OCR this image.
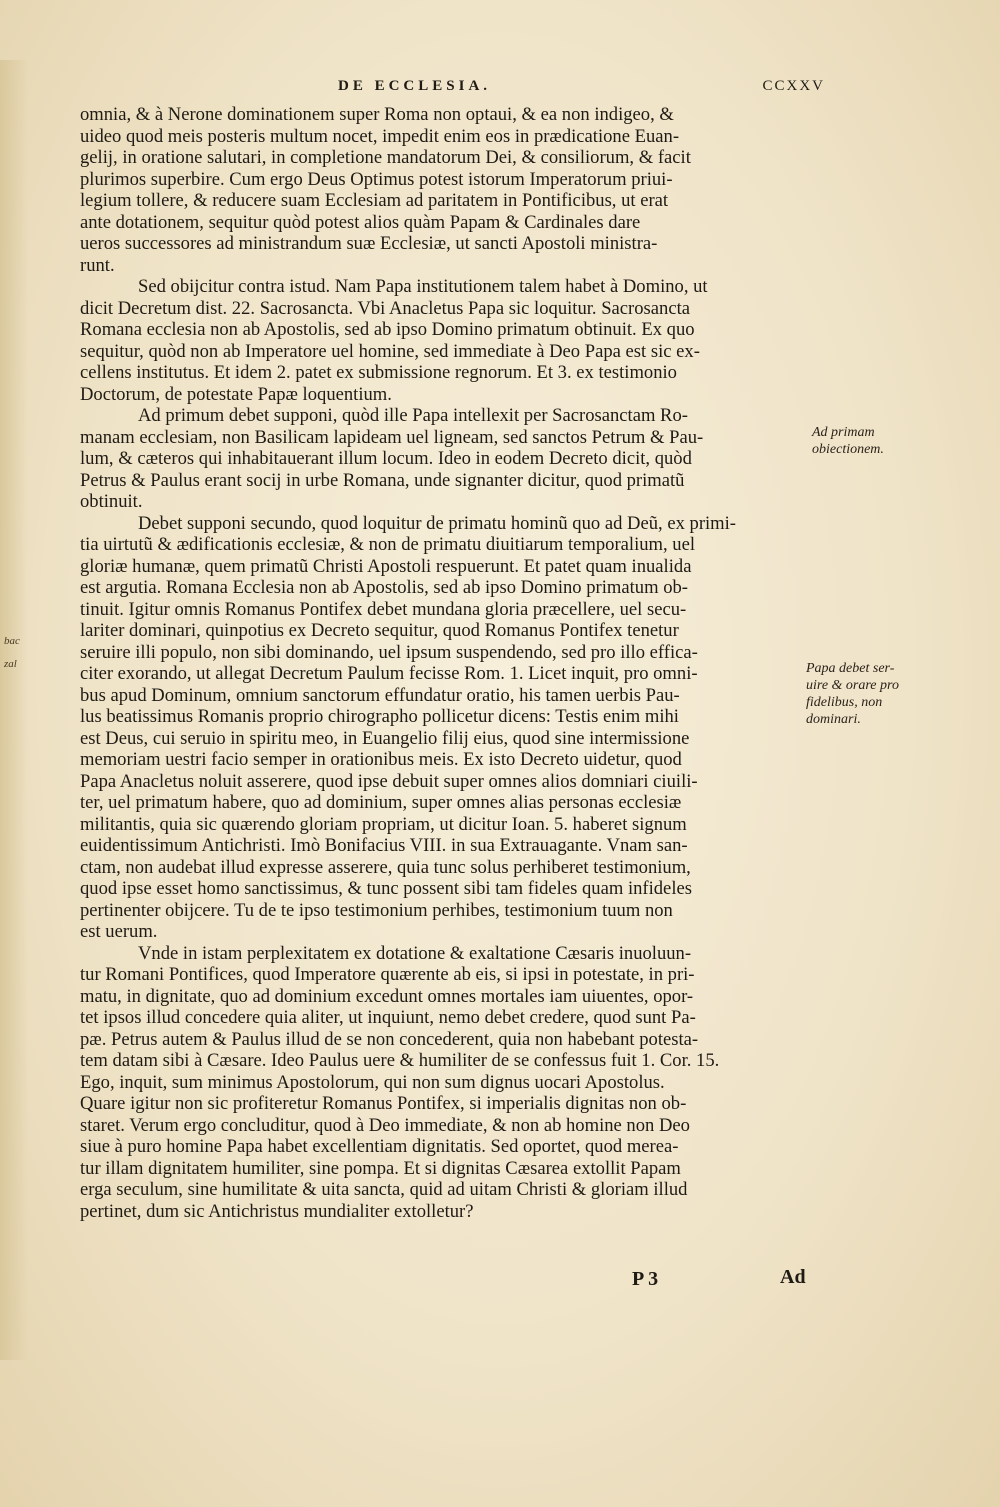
bac
zal
DE ECCLESIA.	CCXXV

omnia, & à Nerone dominationem super Roma non optaui, & ea non indigeo, &
uideo quod meis posteris multum nocet, impedit enim eos in prædicatione Euan-
gelij, in oratione salutari, in completione mandatorum Dei, & consiliorum, & facit
plurimos superbire. Cum ergo Deus Optimus potest istorum Imperatorum priui-
legium tollere, & reducere suam Ecclesiam ad paritatem in Pontificibus, ut erat
ante dotationem, sequitur quòd potest alios quàm Papam & Cardinales dare
ueros successores ad ministrandum suæ Ecclesiæ, ut sancti Apostoli ministra-
runt.

Sed obijcitur contra istud. Nam Papa institutionem talem habet à Domino, ut
dicit Decretum dist. 22. Sacrosancta. Vbi Anacletus Papa sic loquitur. Sacrosancta
Romana ecclesia non ab Apostolis, sed ab ipso Domino primatum obtinuit. Ex quo
sequitur, quòd non ab Imperatore uel homine, sed immediate à Deo Papa est sic ex-
cellens institutus. Et idem 2. patet ex submissione regnorum. Et 3. ex testimonio
Doctorum, de potestate Papæ loquentium.

Ad primum debet supponi, quòd ille Papa intellexit per Sacrosanctam Ro-
manam ecclesiam, non Basilicam lapideam uel ligneam, sed sanctos Petrum & Pau-
lum, & cæteros qui inhabitauerant illum locum. Ideo in eodem Decreto dicit, quòd
Petrus & Paulus erant socij in urbe Romana, unde signanter dicitur, quod primatũ
obtinuit.

Debet supponi secundo, quod loquitur de primatu hominũ quo ad Deũ, ex primi-
tia uirtutũ & ædificationis ecclesiæ, & non de primatu diuitiarum temporalium, uel
gloriæ humanæ, quem primatũ Christi Apostoli respuerunt. Et patet quam inualida
est argutia. Romana Ecclesia non ab Apostolis, sed ab ipso Domino primatum ob-
tinuit. Igitur omnis Romanus Pontifex debet mundana gloria præcellere, uel secu-
lariter dominari, quinpotius ex Decreto sequitur, quod Romanus Pontifex tenetur
seruire illi populo, non sibi dominando, uel ipsum suspendendo, sed pro illo effica-
citer exorando, ut allegat Decretum Paulum fecisse Rom. 1. Licet inquit, pro omni-
bus apud Dominum, omnium sanctorum effundatur oratio, his tamen uerbis Pau-
lus beatissimus Romanis proprio chirographo pollicetur dicens: Testis enim mihi
est Deus, cui seruio in spiritu meo, in Euangelio filij eius, quod sine intermissione
memoriam uestri facio semper in orationibus meis. Ex isto Decreto uidetur, quod
Papa Anacletus noluit asserere, quod ipse debuit super omnes alios domniari ciuili-
ter, uel primatum habere, quo ad dominium, super omnes alias personas ecclesiæ
militantis, quia sic quærendo gloriam propriam, ut dicitur Ioan. 5. haberet signum
euidentissimum Antichristi. Imò Bonifacius VIII. in sua Extrauagante. Vnam san-
ctam, non audebat illud expresse asserere, quia tunc solus perhiberet testimonium,
quod ipse esset homo sanctissimus, & tunc possent sibi tam fideles quam infideles
pertinenter obijcere. Tu de te ipso testimonium perhibes, testimonium tuum non
est uerum.

Vnde in istam perplexitatem ex dotatione & exaltatione Cæsaris inuoluun-
tur Romani Pontifices, quod Imperatore quærente ab eis, si ipsi in potestate, in pri-
matu, in dignitate, quo ad dominium excedunt omnes mortales iam uiuentes, opor-
tet ipsos illud concedere quia aliter, ut inquiunt, nemo debet credere, quod sunt Pa-
pæ. Petrus autem & Paulus illud de se non concederent, quia non habebant potesta-
tem datam sibi à Cæsare. Ideo Paulus uere & humiliter de se confessus fuit 1. Cor. 15.
Ego, inquit, sum minimus Apostolorum, qui non sum dignus uocari Apostolus.
Quare igitur non sic profiteretur Romanus Pontifex, si imperialis dignitas non ob-
staret. Verum ergo concluditur, quod à Deo immediate, & non ab homine non Deo
siue à puro homine Papa habet excellentiam dignitatis. Sed oportet, quod merea-
tur illam dignitatem humiliter, sine pompa. Et si dignitas Cæsarea extollit Papam
erga seculum, sine humilitate & uita sancta, quid ad uitam Christi & gloriam illud
pertinet, dum sic Antichristus mundialiter extolletur?

Ad primam
obiectionem.
Papa debet ser-
uire & orare pro
fidelibus, non
dominari.
P 3	Ad
